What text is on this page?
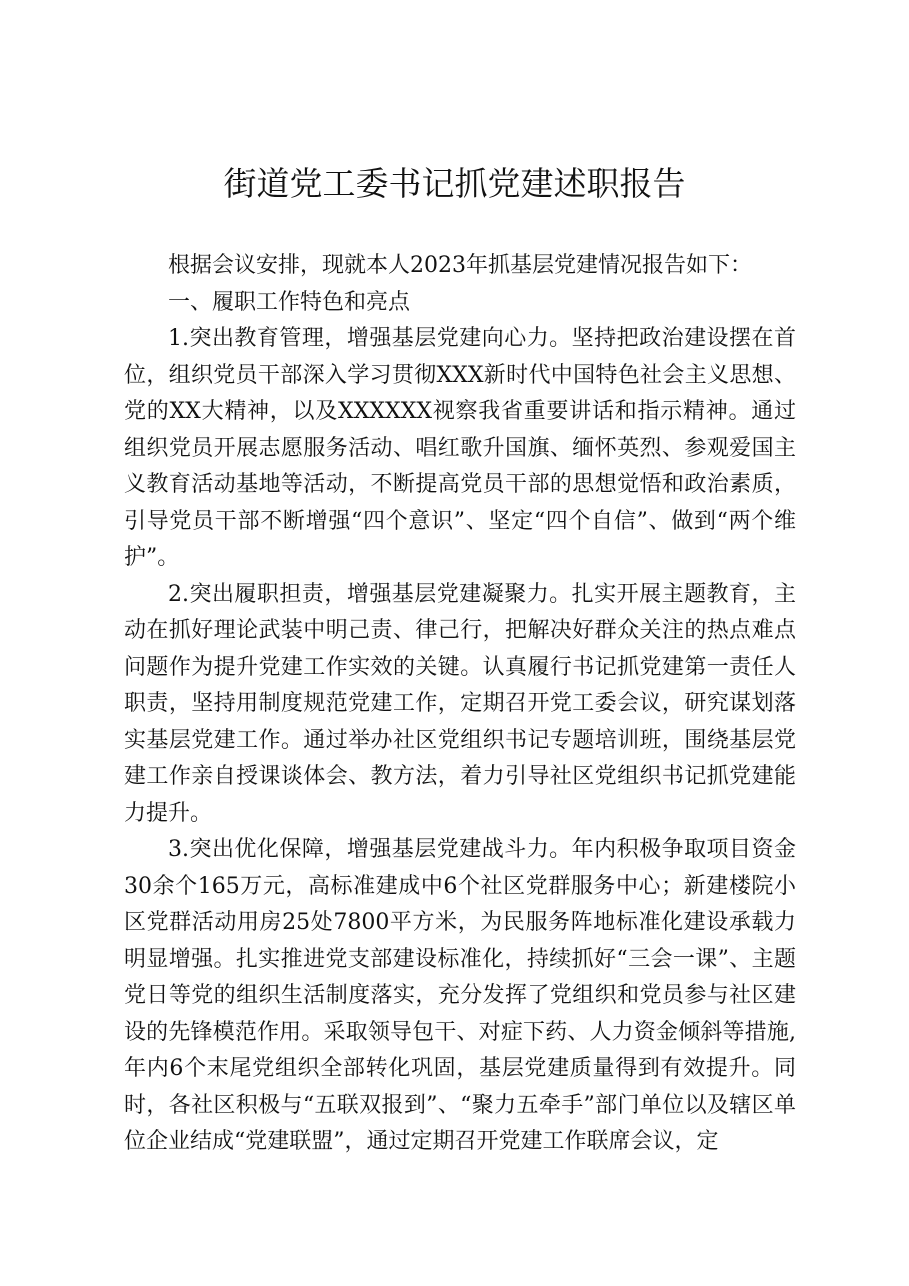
街道党工委书记抓党建述职报告

根据会议安排，现就本人2023年抓基层党建情况报告如下：

一、履职工作特色和亮点

1.突出教育管理，增强基层党建向心力。坚持把政治建设摆在首位，组织党员干部深入学习贯彻XXX新时代中国特色社会主义思想、党的XX大精神，以及XXXXXX视察我省重要讲话和指示精神。通过组织党员开展志愿服务活动、唱红歌升国旗、缅怀英烈、参观爱国主义教育活动基地等活动，不断提高党员干部的思想觉悟和政治素质，引导党员干部不断增强“四个意识”、坚定“四个自信”、做到“两个维护”。

2.突出履职担责，增强基层党建凝聚力。扎实开展主题教育，主动在抓好理论武装中明己责、律己行，把解决好群众关注的热点难点问题作为提升党建工作实效的关键。认真履行书记抓党建第一责任人职责，坚持用制度规范党建工作，定期召开党工委会议，研究谋划落实基层党建工作。通过举办社区党组织书记专题培训班，围绕基层党建工作亲自授课谈体会、教方法，着力引导社区党组织书记抓党建能力提升。

3.突出优化保障，增强基层党建战斗力。年内积极争取项目资金30余个165万元，高标准建成中6个社区党群服务中心；新建楼院小区党群活动用房25处7800平方米，为民服务阵地标准化建设承载力明显增强。扎实推进党支部建设标准化，持续抓好“三会一课”、主题党日等党的组织生活制度落实，充分发挥了党组织和党员参与社区建设的先锋模范作用。采取领导包干、对症下药、人力资金倾斜等措施,年内6个末尾党组织全部转化巩固，基层党建质量得到有效提升。同时，各社区积极与“五联双报到”、“聚力五牵手”部门单位以及辖区单位企业结成“党建联盟”，通过定期召开党建工作联席会议，定
